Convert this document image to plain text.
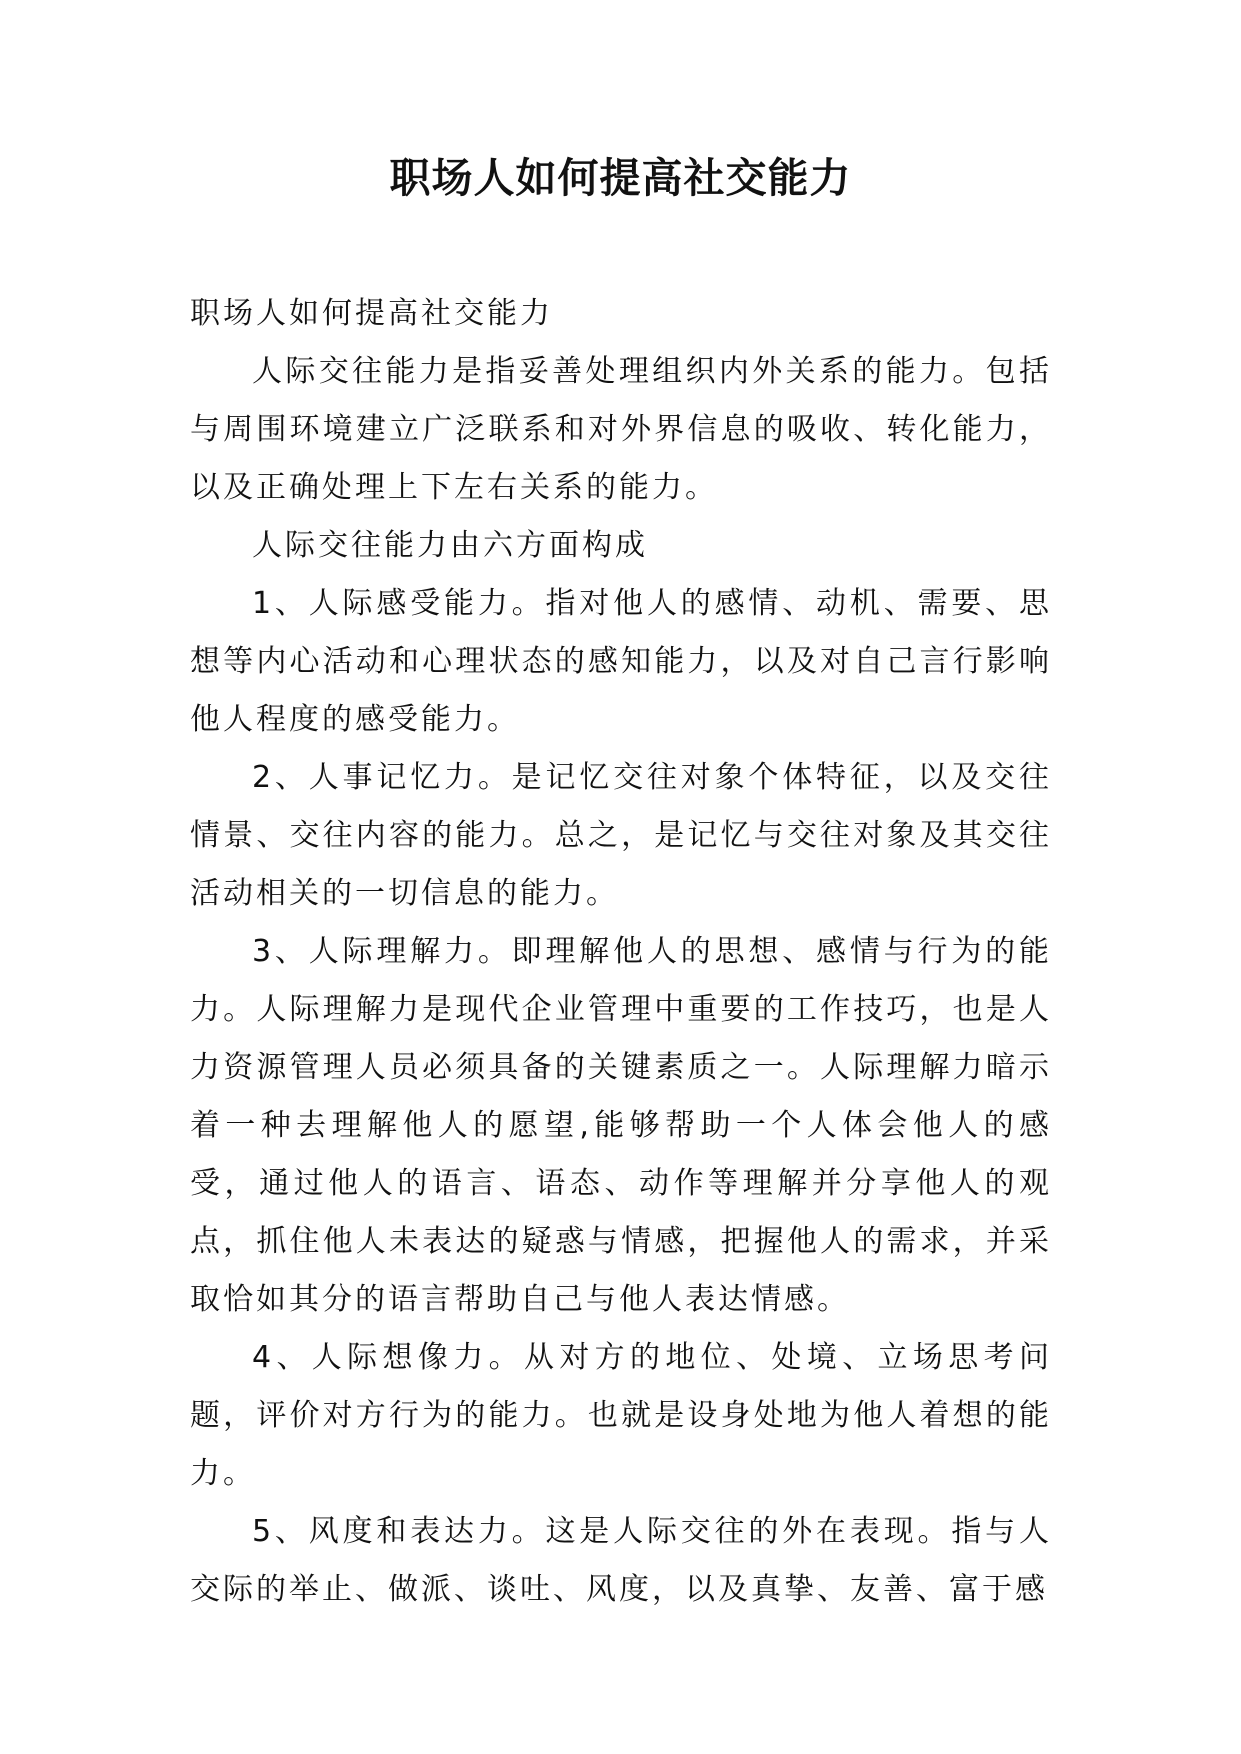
职场人如何提高社交能力

职场人如何提高社交能力

人际交往能力是指妥善处理组织内外关系的能力。包括与周围环境建立广泛联系和对外界信息的吸收、转化能力，以及正确处理上下左右关系的能力。

人际交往能力由六方面构成

1、人际感受能力。指对他人的感情、动机、需要、思想等内心活动和心理状态的感知能力，以及对自己言行影响他人程度的感受能力。

2、人事记忆力。是记忆交往对象个体特征，以及交往情景、交往内容的能力。总之，是记忆与交往对象及其交往活动相关的一切信息的能力。

3、人际理解力。即理解他人的思想、感情与行为的能力。人际理解力是现代企业管理中重要的工作技巧，也是人力资源管理人员必须具备的关键素质之一。人际理解力暗示着一种去理解他人的愿望,能够帮助一个人体会他人的感受，通过他人的语言、语态、动作等理解并分享他人的观点，抓住他人未表达的疑惑与情感，把握他人的需求，并采取恰如其分的语言帮助自己与他人表达情感。

4、人际想像力。从对方的地位、处境、立场思考问题，评价对方行为的能力。也就是设身处地为他人着想的能力。

5、风度和表达力。这是人际交往的外在表现。指与人交际的举止、做派、谈吐、风度，以及真挚、友善、富于感
